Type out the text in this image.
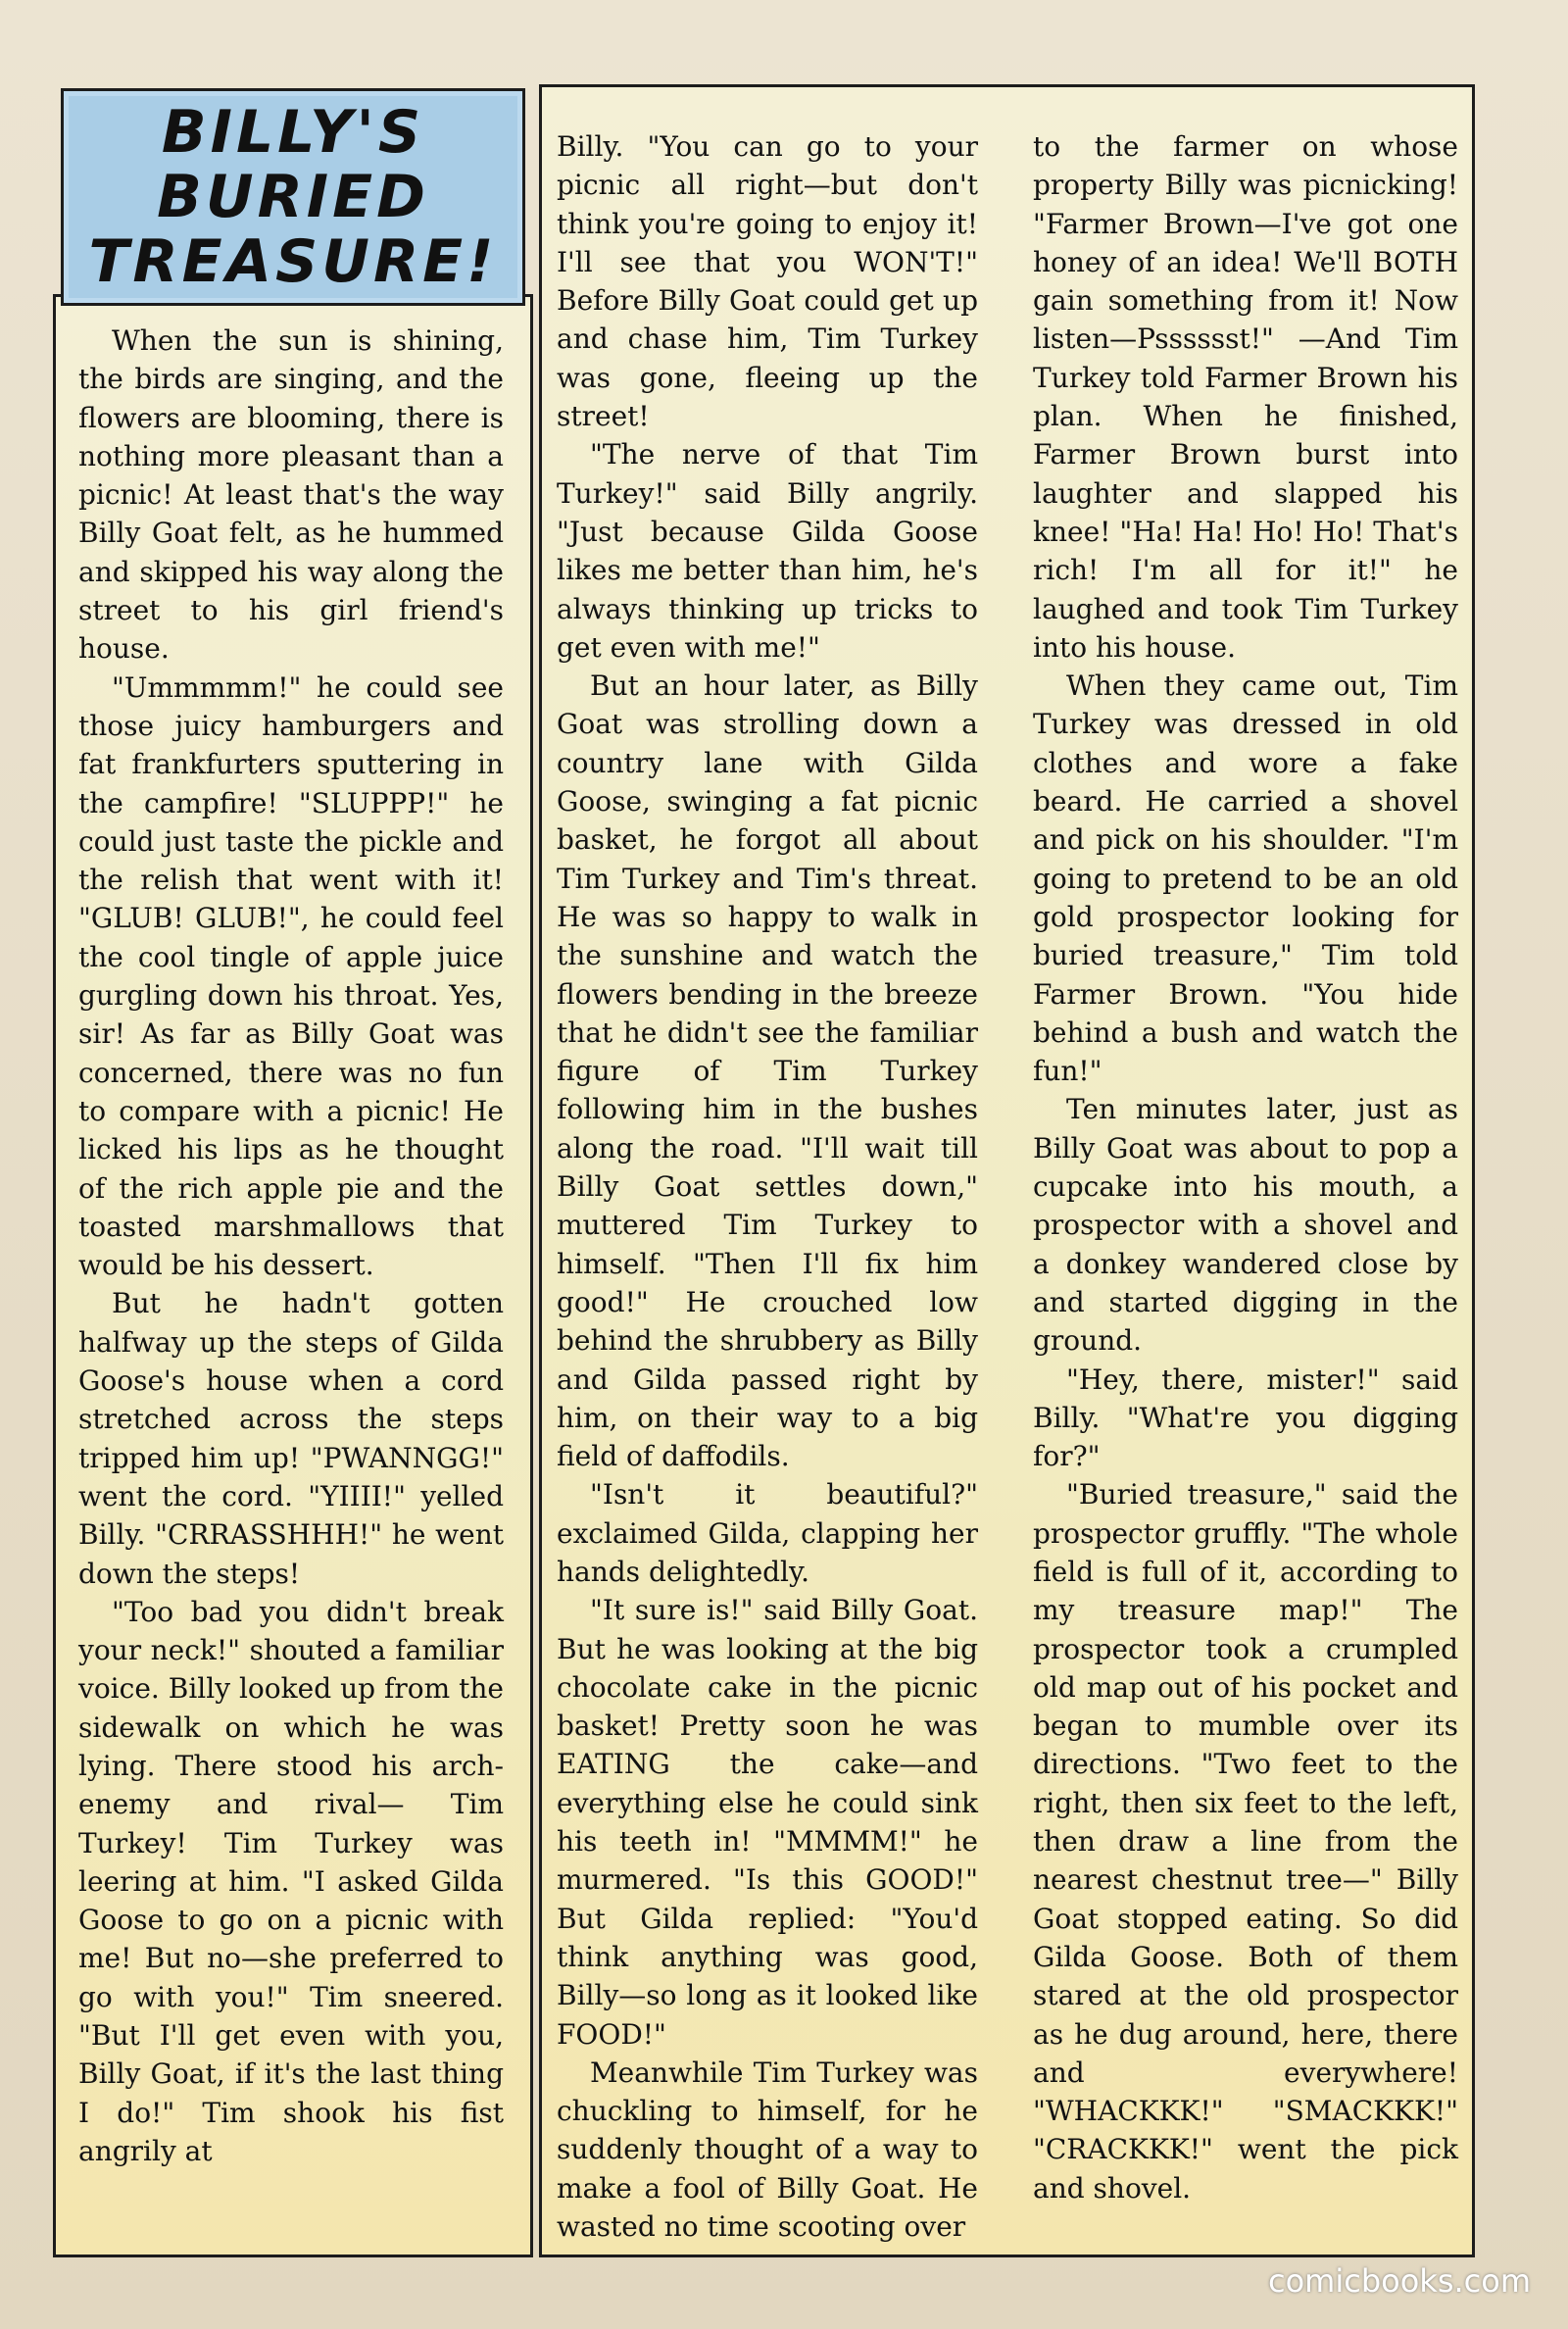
BILLY'S
BURIED
TREASURE!

When the sun is shining, the birds are singing, and the flowers are blooming, there is nothing more pleasant than a picnic! At least that's the way Billy Goat felt, as he hummed and skipped his way along the street to his girl friend's house.

"Ummmmm!" he could see those juicy hamburgers and fat frankfurters sputtering in the campfire! "SLUPPP!" he could just taste the pickle and the relish that went with it! "GLUB! GLUB!", he could feel the cool tingle of apple juice gurgling down his throat. Yes, sir! As far as Billy Goat was concerned, there was no fun to compare with a picnic! He licked his lips as he thought of the rich apple pie and the toasted marshmallows that would be his dessert.

But he hadn't gotten halfway up the steps of Gilda Goose's house when a cord stretched across the steps tripped him up! "PWANNGG!" went the cord. "YIIII!" yelled Billy. "CRRASSHHH!" he went down the steps!

"Too bad you didn't break your neck!" shouted a familiar voice. Billy looked up from the sidewalk on which he was lying. There stood his arch-enemy and rival— Tim Turkey! Tim Turkey was leering at him. "I asked Gilda Goose to go on a picnic with me! But no—she preferred to go with you!" Tim sneered. "But I'll get even with you, Billy Goat, if it's the last thing I do!" Tim shook his fist angrily at

Billy. "You can go to your picnic all right—but don't think you're going to enjoy it! I'll see that you WON'T!" Before Billy Goat could get up and chase him, Tim Turkey was gone, fleeing up the street!

"The nerve of that Tim Turkey!" said Billy angrily. "Just because Gilda Goose likes me better than him, he's always thinking up tricks to get even with me!"

But an hour later, as Billy Goat was strolling down a country lane with Gilda Goose, swinging a fat picnic basket, he forgot all about Tim Turkey and Tim's threat. He was so happy to walk in the sunshine and watch the flowers bending in the breeze that he didn't see the familiar figure of Tim Turkey following him in the bushes along the road. "I'll wait till Billy Goat settles down," muttered Tim Turkey to himself. "Then I'll fix him good!" He crouched low behind the shrubbery as Billy and Gilda passed right by him, on their way to a big field of daffodils.

"Isn't it beautiful?" exclaimed Gilda, clapping her hands delightedly.

"It sure is!" said Billy Goat. But he was looking at the big chocolate cake in the picnic basket! Pretty soon he was EATING the cake—and everything else he could sink his teeth in! "MMMM!" he murmered. "Is this GOOD!" But Gilda replied: "You'd think anything was good, Billy—so long as it looked like FOOD!"

Meanwhile Tim Turkey was chuckling to himself, for he suddenly thought of a way to make a fool of Billy Goat. He wasted no time scooting over

to the farmer on whose property Billy was picnicking! "Farmer Brown—I've got one honey of an idea! We'll BOTH gain something from it! Now listen—Psssssst!" —And Tim Turkey told Farmer Brown his plan. When he finished, Farmer Brown burst into laughter and slapped his knee! "Ha! Ha! Ho! Ho! That's rich! I'm all for it!" he laughed and took Tim Turkey into his house.

When they came out, Tim Turkey was dressed in old clothes and wore a fake beard. He carried a shovel and pick on his shoulder. "I'm going to pretend to be an old gold prospector looking for buried treasure," Tim told Farmer Brown. "You hide behind a bush and watch the fun!"

Ten minutes later, just as Billy Goat was about to pop a cupcake into his mouth, a prospector with a shovel and a donkey wandered close by and started digging in the ground.

"Hey, there, mister!" said Billy. "What're you digging for?"

"Buried treasure," said the prospector gruffly. "The whole field is full of it, according to my treasure map!" The prospector took a crumpled old map out of his pocket and began to mumble over its directions. "Two feet to the right, then six feet to the left, then draw a line from the nearest chestnut tree—" Billy Goat stopped eating. So did Gilda Goose. Both of them stared at the old prospector as he dug around, here, there and everywhere! "WHACKKK!" "SMACKKK!" "CRACKKK!" went the pick and shovel.

comicbooks.com
